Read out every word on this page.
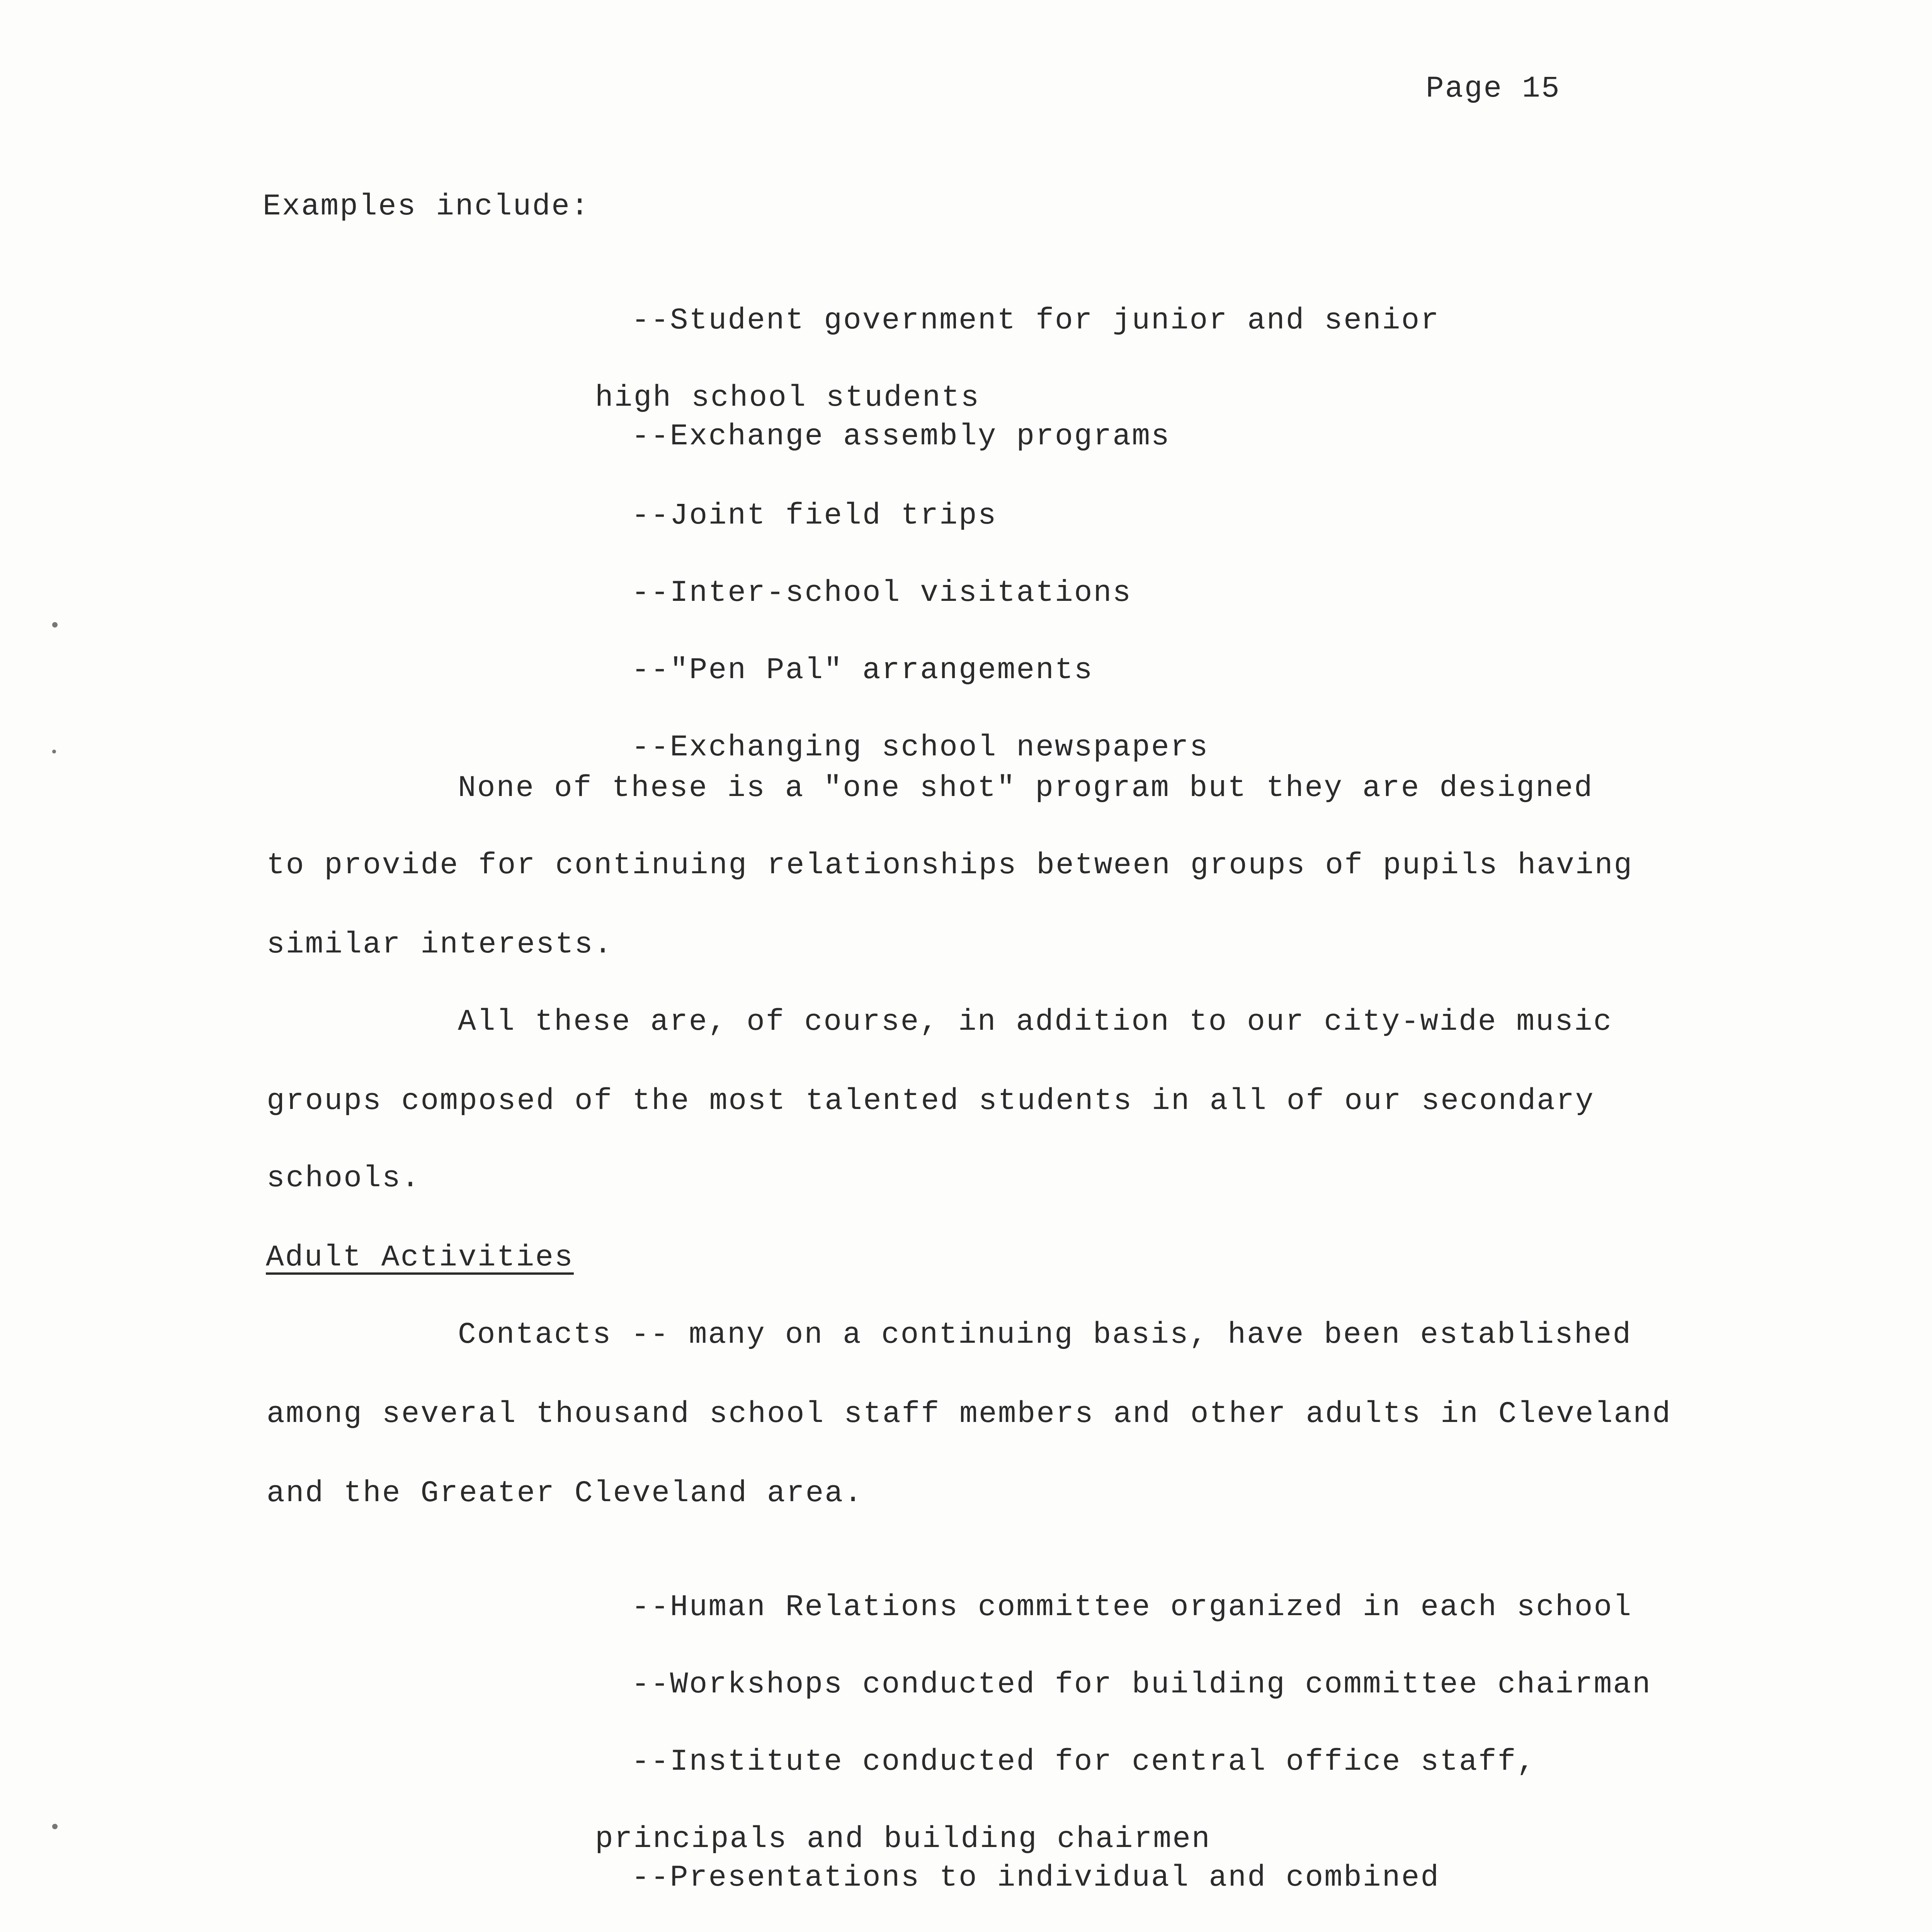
Page 15
Examples include:

--Student government for junior and senior

high school students

--Exchange assembly programs

--Joint field trips

--Inter-school visitations

--"Pen Pal" arrangements

--Exchanging school newspapers

None of these is a "one shot" program but they are designed
to provide for continuing relationships between groups of pupils having
similar interests.
All these are, of course, in addition to our city-wide music
groups composed of the most talented students in all of our secondary
schools.
Adult Activities
Contacts -- many on a continuing basis, have been established
among several thousand school staff members and other adults in Cleveland
and the Greater Cleveland area.

--Human Relations committee organized in each school

--Workshops conducted for building committee chairman

--Institute conducted for central office staff,

principals and building chairmen

--Presentations to individual and combined
